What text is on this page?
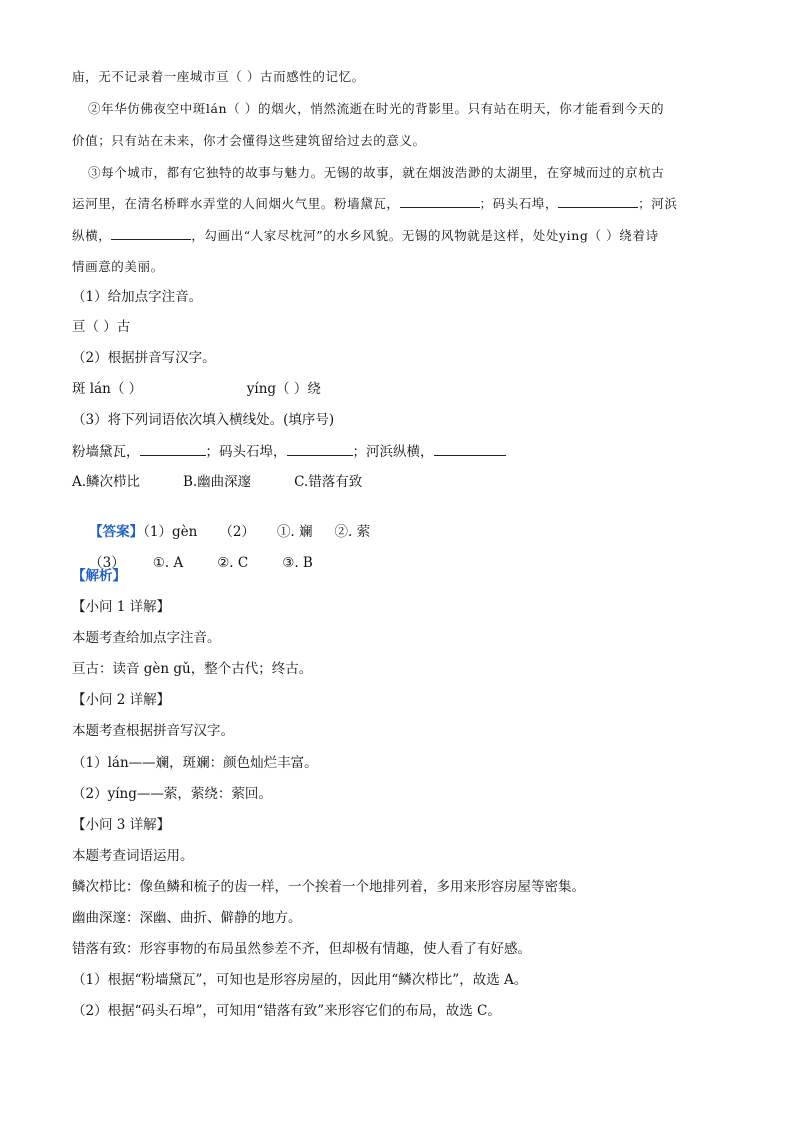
庙，无不记录着一座城市亘（ ）古而感性的记忆。
②年华仿佛夜空中斑lán（ ）的烟火，悄然流逝在时光的背影里。只有站在明天，你才能看到今天的
价值；只有站在未来，你才会懂得这些建筑留给过去的意义。
③每个城市，都有它独特的故事与魅力。无锡的故事，就在烟波浩渺的太湖里，在穿城而过的京杭古
运河里，在清名桥畔水弄堂的人间烟火气里。粉墙黛瓦，	；码头石埠，	；河浜
纵横，	，勾画出“人家尽枕河”的水乡风貌。无锡的风物就是这样，处处ying（ ）绕着诗
情画意的美丽。
（1）给加点字注音。
亘（ ）古
（2）根据拼音写汉字。
斑 lán（ ）	yíng（ ）绕
（3）将下列词语依次填入横线处。(填序号)
粉墙黛瓦，	；码头石埠，	；河浜纵横，
A.鳞次栉比          B.幽曲深邃          C.错落有致

【答案】（1）gèn （2） ①. 斓 ②. 萦

（3） ①. A	②. C	③. B

【解析】
【小问 1 详解】
本题考查给加点字注音。
亘古：读音 gèn gǔ，整个古代；终古。
【小问 2 详解】
本题考查根据拼音写汉字。
（1）lán——斓，斑斓：颜色灿烂丰富。
（2）yíng——萦，萦绕：萦回。
【小问 3 详解】
本题考查词语运用。
鳞次栉比：像鱼鳞和梳子的齿一样，一个挨着一个地排列着，多用来形容房屋等密集。
幽曲深邃：深幽、曲折、僻静的地方。
错落有致：形容事物的布局虽然参差不齐，但却极有情趣，使人看了有好感。
（1）根据“粉墙黛瓦”，可知也是形容房屋的，因此用“鳞次栉比”，故选 A。
（2）根据“码头石埠”，可知用“错落有致”来形容它们的布局，故选 C。
